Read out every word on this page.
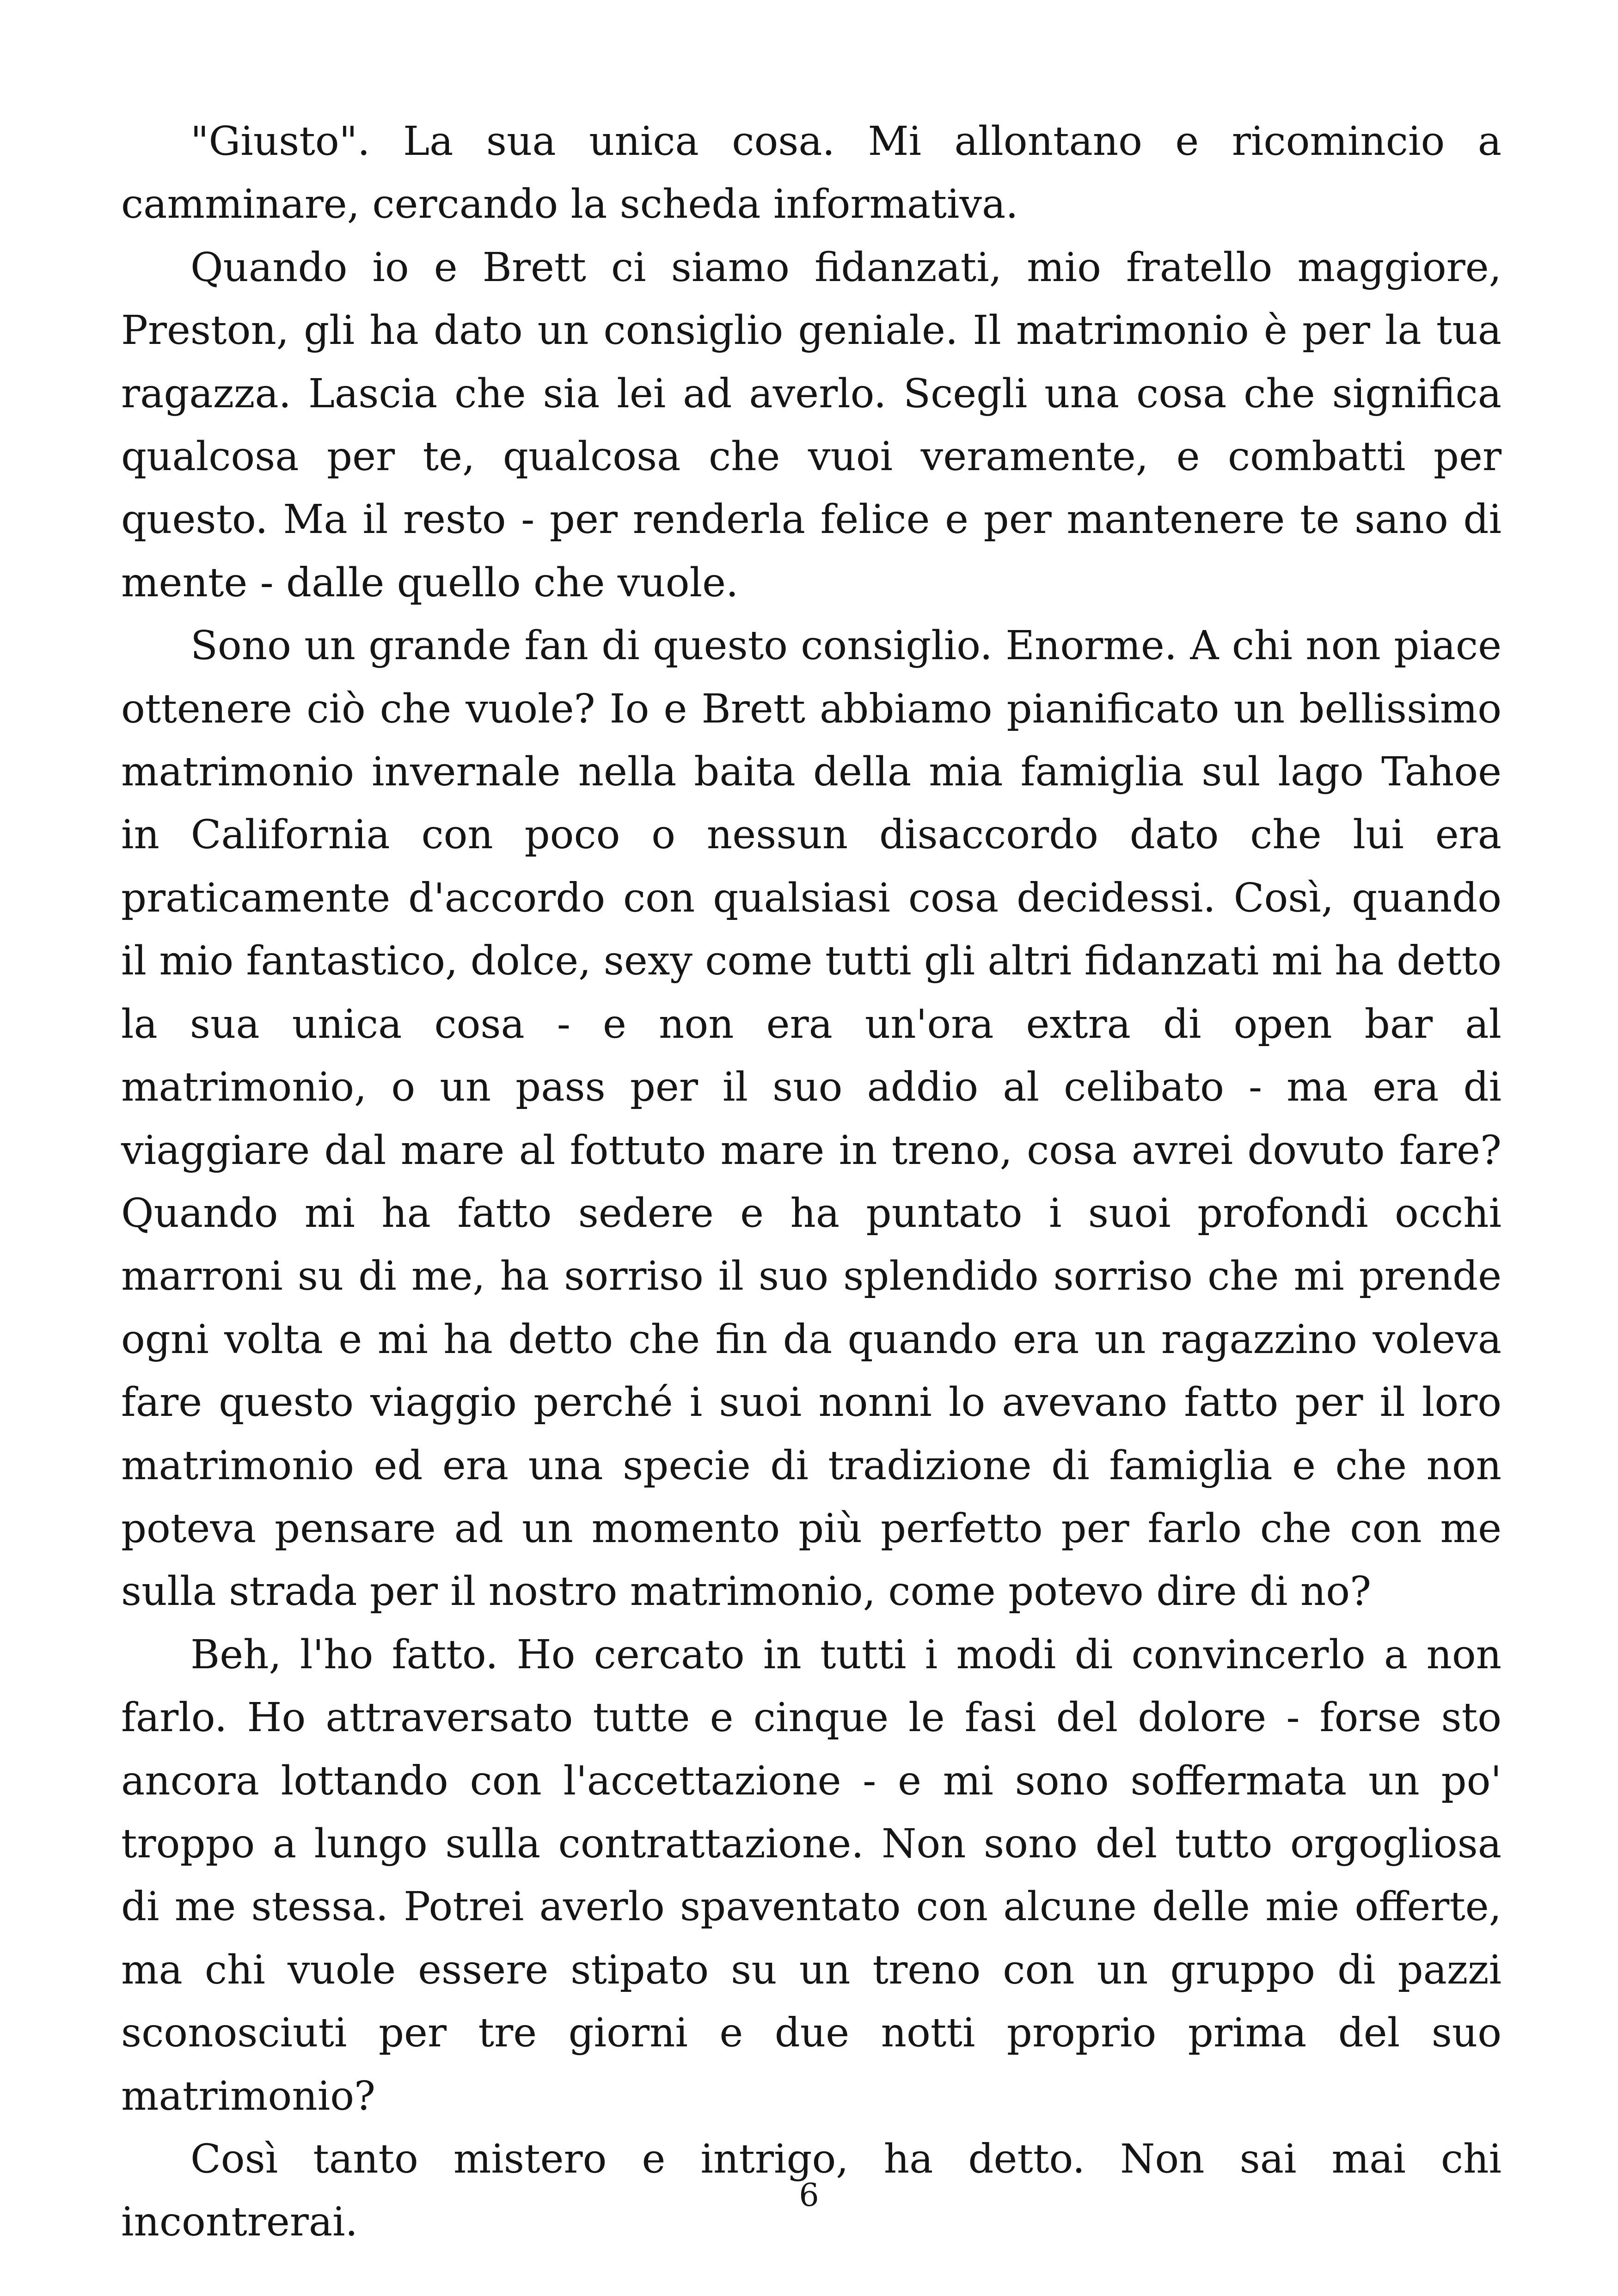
"Giusto". La sua unica cosa. Mi allontano e ricomincio a camminare, cercando la scheda informativa.

Quando io e Brett ci siamo fidanzati, mio fratello maggiore, Preston, gli ha dato un consiglio geniale. Il matrimonio è per la tua ragazza. Lascia che sia lei ad averlo. Scegli una cosa che significa qualcosa per te, qualcosa che vuoi veramente, e combatti per questo. Ma il resto - per renderla felice e per mantenere te sano di mente - dalle quello che vuole.

Sono un grande fan di questo consiglio. Enorme. A chi non piace ottenere ciò che vuole? Io e Brett abbiamo pianificato un bellissimo matrimonio invernale nella baita della mia famiglia sul lago Tahoe in California con poco o nessun disaccordo dato che lui era praticamente d'accordo con qualsiasi cosa decidessi. Così, quando il mio fantastico, dolce, sexy come tutti gli altri fidanzati mi ha detto la sua unica cosa - e non era un'ora extra di open bar al matrimonio, o un pass per il suo addio al celibato - ma era di viaggiare dal mare al fottuto mare in treno, cosa avrei dovuto fare? Quando mi ha fatto sedere e ha puntato i suoi profondi occhi marroni su di me, ha sorriso il suo splendido sorriso che mi prende ogni volta e mi ha detto che fin da quando era un ragazzino voleva fare questo viaggio perché i suoi nonni lo avevano fatto per il loro matrimonio ed era una specie di tradizione di famiglia e che non poteva pensare ad un momento più perfetto per farlo che con me sulla strada per il nostro matrimonio, come potevo dire di no?

Beh, l'ho fatto. Ho cercato in tutti i modi di convincerlo a non farlo. Ho attraversato tutte e cinque le fasi del dolore - forse sto ancora lottando con l'accettazione - e mi sono soffermata un po' troppo a lungo sulla contrattazione. Non sono del tutto orgogliosa di me stessa. Potrei averlo spaventato con alcune delle mie offerte, ma chi vuole essere stipato su un treno con un gruppo di pazzi sconosciuti per tre giorni e due notti proprio prima del suo matrimonio?

Così tanto mistero e intrigo, ha detto. Non sai mai chi incontrerai.

6
